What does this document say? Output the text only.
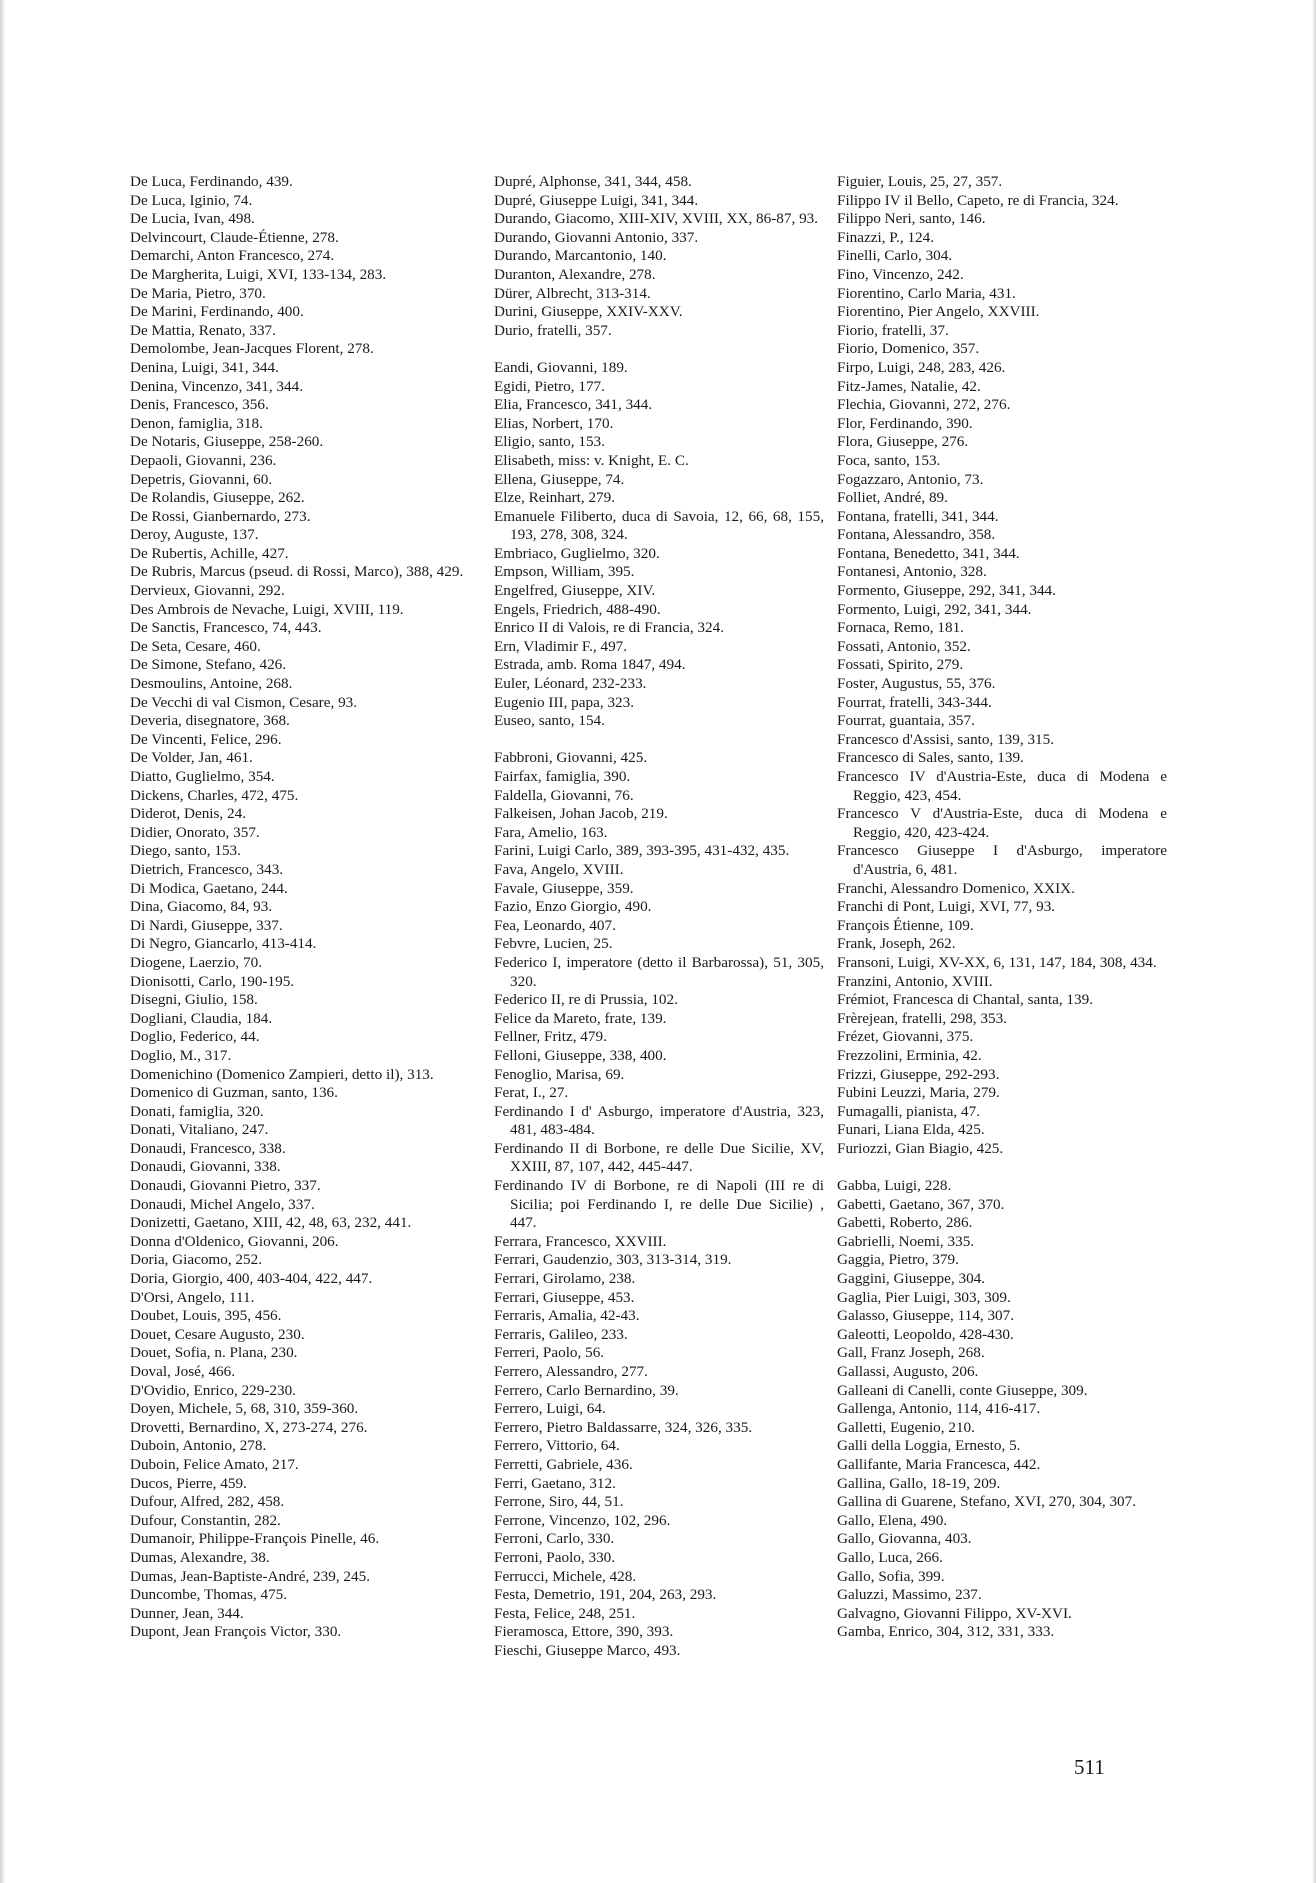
De Luca, Ferdinando, 439.
De Luca, Iginio, 74.
De Lucia, Ivan, 498.
Delvincourt, Claude-Étienne, 278.
Demarchi, Anton Francesco, 274.
De Margherita, Luigi, XVI, 133-134, 283.
De Maria, Pietro, 370.
De Marini, Ferdinando, 400.
De Mattia, Renato, 337.
Demolombe, Jean-Jacques Florent, 278.
Denina, Luigi, 341, 344.
Denina, Vincenzo, 341, 344.
Denis, Francesco, 356.
Denon, famiglia, 318.
De Notaris, Giuseppe, 258-260.
Depaoli, Giovanni, 236.
Depetris, Giovanni, 60.
De Rolandis, Giuseppe, 262.
De Rossi, Gianbernardo, 273.
Deroy, Auguste, 137.
De Rubertis, Achille, 427.
De Rubris, Marcus (pseud. di Rossi, Marco), 388, 429.
Dervieux, Giovanni, 292.
Des Ambrois de Nevache, Luigi, XVIII, 119.
De Sanctis, Francesco, 74, 443.
De Seta, Cesare, 460.
De Simone, Stefano, 426.
Desmoulins, Antoine, 268.
De Vecchi di val Cismon, Cesare, 93.
Deveria, disegnatore, 368.
De Vincenti, Felice, 296.
De Volder, Jan, 461.
Diatto, Guglielmo, 354.
Dickens, Charles, 472, 475.
Diderot, Denis, 24.
Didier, Onorato, 357.
Diego, santo, 153.
Dietrich, Francesco, 343.
Di Modica, Gaetano, 244.
Dina, Giacomo, 84, 93.
Di Nardi, Giuseppe, 337.
Di Negro, Giancarlo, 413-414.
Diogene, Laerzio, 70.
Dionisotti, Carlo, 190-195.
Disegni, Giulio, 158.
Dogliani, Claudia, 184.
Doglio, Federico, 44.
Doglio, M., 317.
Domenichino (Domenico Zampieri, detto il), 313.
Domenico di Guzman, santo, 136.
Donati, famiglia, 320.
Donati, Vitaliano, 247.
Donaudi, Francesco, 338.
Donaudi, Giovanni, 338.
Donaudi, Giovanni Pietro, 337.
Donaudi, Michel Angelo, 337.
Donizetti, Gaetano, XIII, 42, 48, 63, 232, 441.
Donna d'Oldenico, Giovanni, 206.
Doria, Giacomo, 252.
Doria, Giorgio, 400, 403-404, 422, 447.
D'Orsi, Angelo, 111.
Doubet, Louis, 395, 456.
Douet, Cesare Augusto, 230.
Douet, Sofia, n. Plana, 230.
Doval, José, 466.
D'Ovidio, Enrico, 229-230.
Doyen, Michele, 5, 68, 310, 359-360.
Drovetti, Bernardino, X, 273-274, 276.
Duboin, Antonio, 278.
Duboin, Felice Amato, 217.
Ducos, Pierre, 459.
Dufour, Alfred, 282, 458.
Dufour, Constantin, 282.
Dumanoir, Philippe-François Pinelle, 46.
Dumas, Alexandre, 38.
Dumas, Jean-Baptiste-André, 239, 245.
Duncombe, Thomas, 475.
Dunner, Jean, 344.
Dupont, Jean François Victor, 330.
Dupré, Alphonse, 341, 344, 458.
Dupré, Giuseppe Luigi, 341, 344.
Durando, Giacomo, XIII-XIV, XVIII, XX, 86-87, 93.
Durando, Giovanni Antonio, 337.
Durando, Marcantonio, 140.
Duranton, Alexandre, 278.
Dürer, Albrecht, 313-314.
Durini, Giuseppe, XXIV-XXV.
Durio, fratelli, 357.
Eandi, Giovanni, 189.
Egidi, Pietro, 177.
Elia, Francesco, 341, 344.
Elias, Norbert, 170.
Eligio, santo, 153.
Elisabeth, miss: v. Knight, E. C.
Ellena, Giuseppe, 74.
Elze, Reinhart, 279.
Emanuele Filiberto, duca di Savoia, 12, 66, 68, 155, 193, 278, 308, 324.
Embriaco, Guglielmo, 320.
Empson, William, 395.
Engelfred, Giuseppe, XIV.
Engels, Friedrich, 488-490.
Enrico II di Valois, re di Francia, 324.
Ern, Vladimir F., 497.
Estrada, amb. Roma 1847, 494.
Euler, Léonard, 232-233.
Eugenio III, papa, 323.
Euseo, santo, 154.
Fabbroni, Giovanni, 425.
Fairfax, famiglia, 390.
Faldella, Giovanni, 76.
Falkeisen, Johan Jacob, 219.
Fara, Amelio, 163.
Farini, Luigi Carlo, 389, 393-395, 431-432, 435.
Fava, Angelo, XVIII.
Favale, Giuseppe, 359.
Fazio, Enzo Giorgio, 490.
Fea, Leonardo, 407.
Febvre, Lucien, 25.
Federico I, imperatore (detto il Barbarossa), 51, 305, 320.
Federico II, re di Prussia, 102.
Felice da Mareto, frate, 139.
Fellner, Fritz, 479.
Felloni, Giuseppe, 338, 400.
Fenoglio, Marisa, 69.
Ferat, I., 27.
Ferdinando I d' Asburgo, imperatore d'Austria, 323, 481, 483-484.
Ferdinando II di Borbone, re delle Due Sicilie, XV, XXIII, 87, 107, 442, 445-447.
Ferdinando IV di Borbone, re di Napoli (III re di Sicilia; poi Ferdinando I, re delle Due Sicilie) , 447.
Ferrara, Francesco, XXVIII.
Ferrari, Gaudenzio, 303, 313-314, 319.
Ferrari, Girolamo, 238.
Ferrari, Giuseppe, 453.
Ferraris, Amalia, 42-43.
Ferraris, Galileo, 233.
Ferreri, Paolo, 56.
Ferrero, Alessandro, 277.
Ferrero, Carlo Bernardino, 39.
Ferrero, Luigi, 64.
Ferrero, Pietro Baldassarre, 324, 326, 335.
Ferrero, Vittorio, 64.
Ferretti, Gabriele, 436.
Ferri, Gaetano, 312.
Ferrone, Siro, 44, 51.
Ferrone, Vincenzo, 102, 296.
Ferroni, Carlo, 330.
Ferroni, Paolo, 330.
Ferrucci, Michele, 428.
Festa, Demetrio, 191, 204, 263, 293.
Festa, Felice, 248, 251.
Fieramosca, Ettore, 390, 393.
Fieschi, Giuseppe Marco, 493.
Figuier, Louis, 25, 27, 357.
Filippo IV il Bello, Capeto, re di Francia, 324.
Filippo Neri, santo, 146.
Finazzi, P., 124.
Finelli, Carlo, 304.
Fino, Vincenzo, 242.
Fiorentino, Carlo Maria, 431.
Fiorentino, Pier Angelo, XXVIII.
Fiorio, fratelli, 37.
Fiorio, Domenico, 357.
Firpo, Luigi, 248, 283, 426.
Fitz-James, Natalie, 42.
Flechia, Giovanni, 272, 276.
Flor, Ferdinando, 390.
Flora, Giuseppe, 276.
Foca, santo, 153.
Fogazzaro, Antonio, 73.
Folliet, André, 89.
Fontana, fratelli, 341, 344.
Fontana, Alessandro, 358.
Fontana, Benedetto, 341, 344.
Fontanesi, Antonio, 328.
Formento, Giuseppe, 292, 341, 344.
Formento, Luigi, 292, 341, 344.
Fornaca, Remo, 181.
Fossati, Antonio, 352.
Fossati, Spirito, 279.
Foster, Augustus, 55, 376.
Fourrat, fratelli, 343-344.
Fourrat, guantaia, 357.
Francesco d'Assisi, santo, 139, 315.
Francesco di Sales, santo, 139.
Francesco IV d'Austria-Este, duca di Modena e Reggio, 423, 454.
Francesco V d'Austria-Este, duca di Modena e Reggio, 420, 423-424.
Francesco Giuseppe I d'Asburgo, imperatore d'Austria, 6, 481.
Franchi, Alessandro Domenico, XXIX.
Franchi di Pont, Luigi, XVI, 77, 93.
François Étienne, 109.
Frank, Joseph, 262.
Fransoni, Luigi, XV-XX, 6, 131, 147, 184, 308, 434.
Franzini, Antonio, XVIII.
Frémiot, Francesca di Chantal, santa, 139.
Frèrejean, fratelli, 298, 353.
Frézet, Giovanni, 375.
Frezzolini, Erminia, 42.
Frizzi, Giuseppe, 292-293.
Fubini Leuzzi, Maria, 279.
Fumagalli, pianista, 47.
Funari, Liana Elda, 425.
Furiozzi, Gian Biagio, 425.
Gabba, Luigi, 228.
Gabetti, Gaetano, 367, 370.
Gabetti, Roberto, 286.
Gabrielli, Noemi, 335.
Gaggia, Pietro, 379.
Gaggini, Giuseppe, 304.
Gaglia, Pier Luigi, 303, 309.
Galasso, Giuseppe, 114, 307.
Galeotti, Leopoldo, 428-430.
Gall, Franz Joseph, 268.
Gallassi, Augusto, 206.
Galleani di Canelli, conte Giuseppe, 309.
Gallenga, Antonio, 114, 416-417.
Galletti, Eugenio, 210.
Galli della Loggia, Ernesto, 5.
Gallifante, Maria Francesca, 442.
Gallina, Gallo, 18-19, 209.
Gallina di Guarene, Stefano, XVI, 270, 304, 307.
Gallo, Elena, 490.
Gallo, Giovanna, 403.
Gallo, Luca, 266.
Gallo, Sofia, 399.
Galuzzi, Massimo, 237.
Galvagno, Giovanni Filippo, XV-XVI.
Gamba, Enrico, 304, 312, 331, 333.
511
